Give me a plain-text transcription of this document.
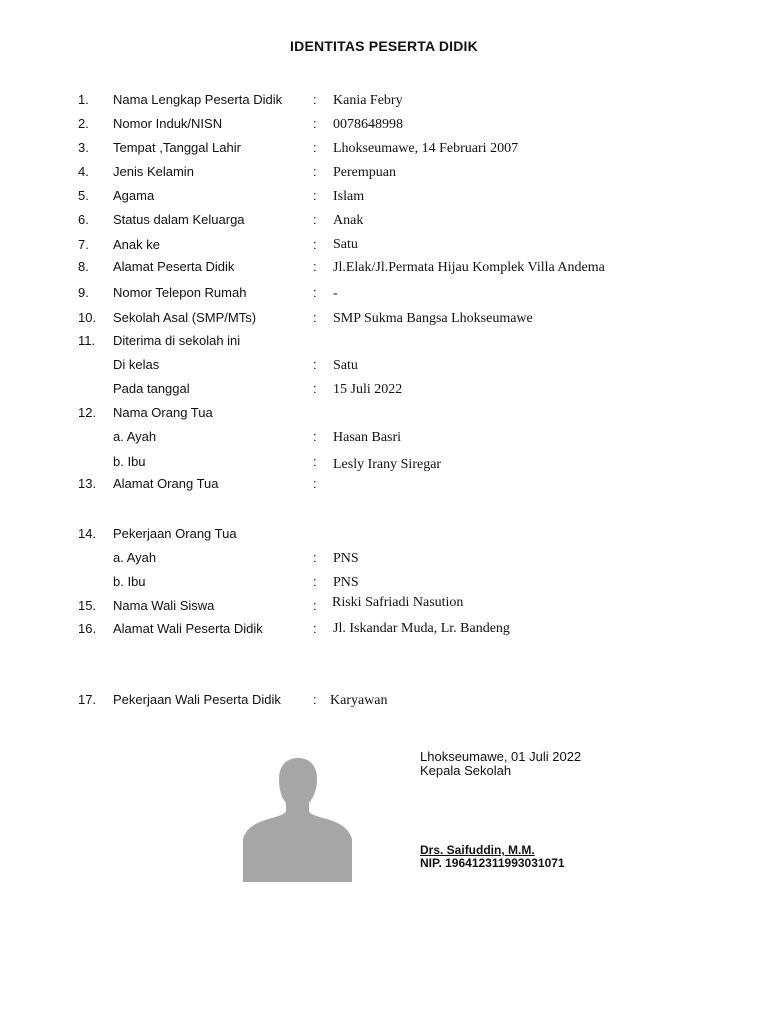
IDENTITAS PESERTA DIDIK
1. Nama Lengkap Peserta Didik : Kania Febry
2. Nomor Induk/NISN	: 0078648998
3. Tempat ,Tanggal Lahir	: Lhokseumawe, 14 Februari 2007
4. Jenis Kelamin	: Perempuan
5. Agama	: Islam
6. Status dalam Keluarga	: Anak
7. Anak ke	: Satu
8. Alamat Peserta Didik	: Jl.Elak/Jl.Permata Hijau Komplek Villa Andema
9. Nomor Telepon Rumah	: -
10. Sekolah Asal (SMP/MTs)	: SMP Sukma Bangsa Lhokseumawe
11. Diterima di sekolah ini
Di kelas	: Satu
Pada tanggal	: 15 Juli 2022
12. Nama Orang Tua
a. Ayah	: Hasan Basri
b. Ibu	: Lesly Irany Siregar
13. Alamat Orang Tua	:
14. Pekerjaan Orang Tua
a. Ayah	: PNS
b. Ibu	: PNS
15. Nama Wali Siswa	: Riski Safriadi Nasution
16. Alamat Wali Peserta Didik	: Jl. Iskandar Muda, Lr. Bandeng
17. Pekerjaan Wali Peserta Didik : Karyawan
Lhokseumawe, 01 Juli 2022
Kepala Sekolah
Drs. Saifuddin, M.M.
NIP. 196412311993031071
